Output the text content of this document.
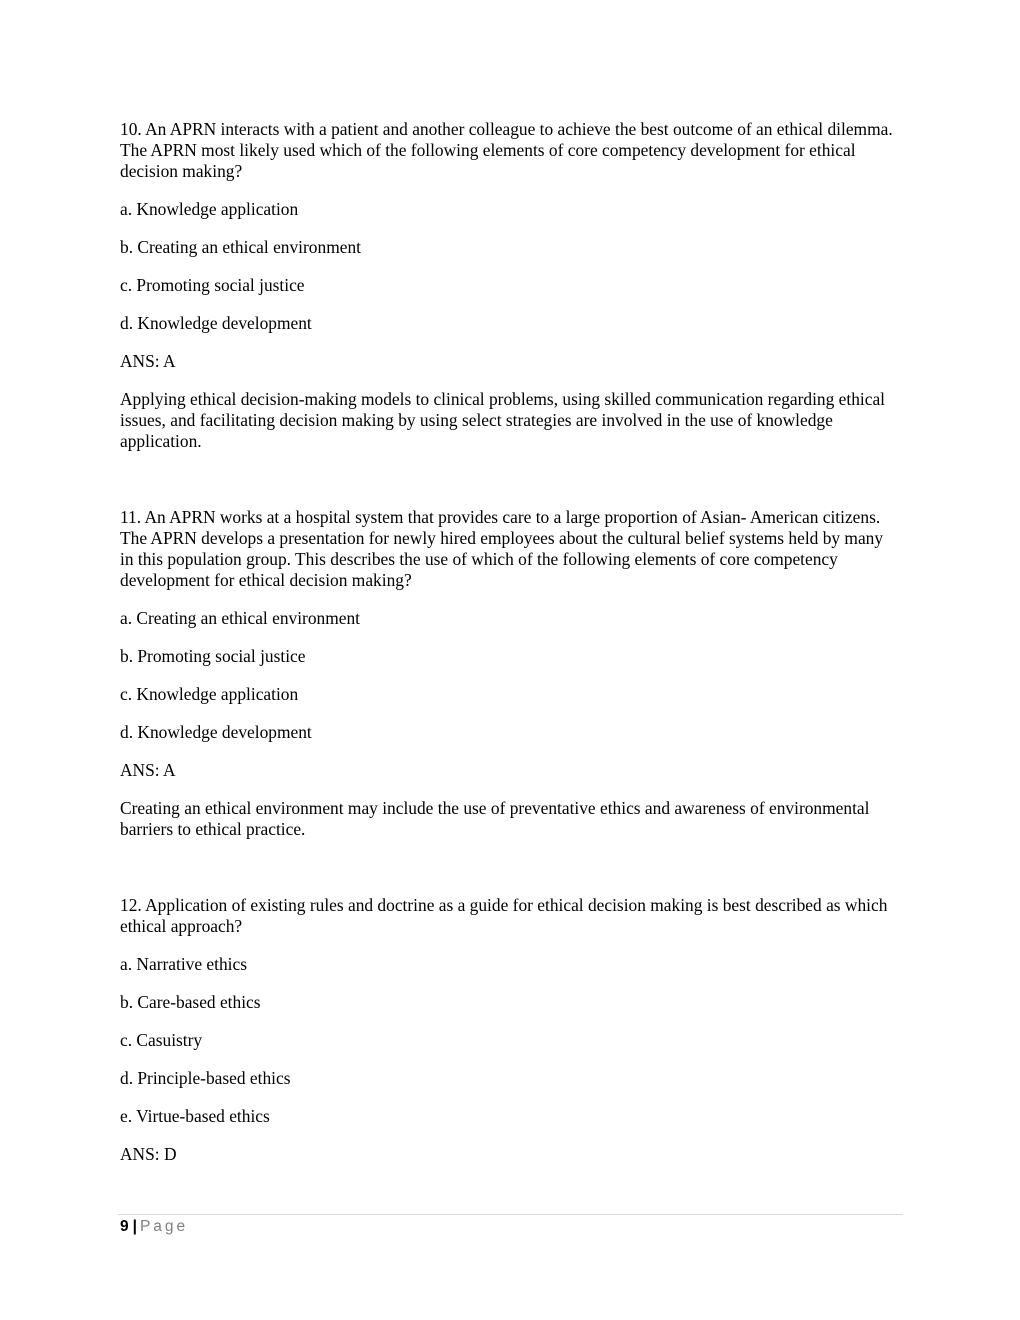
10. An APRN interacts with a patient and another colleague to achieve the best outcome of an ethical dilemma. The APRN most likely used which of the following elements of core competency development for ethical decision making?

a. Knowledge application

b. Creating an ethical environment

c. Promoting social justice

d. Knowledge development

ANS: A

Applying ethical decision-making models to clinical problems, using skilled communication regarding ethical issues, and facilitating decision making by using select strategies are involved in the use of knowledge application.

11. An APRN works at a hospital system that provides care to a large proportion of Asian- American citizens. The APRN develops a presentation for newly hired employees about the cultural belief systems held by many in this population group. This describes the use of which of the following elements of core competency development for ethical decision making?

a. Creating an ethical environment

b. Promoting social justice

c. Knowledge application

d. Knowledge development

ANS: A

Creating an ethical environment may include the use of preventative ethics and awareness of environmental barriers to ethical practice.

12. Application of existing rules and doctrine as a guide for ethical decision making is best described as which ethical approach?

a. Narrative ethics

b. Care-based ethics

c. Casuistry

d. Principle-based ethics

e. Virtue-based ethics

ANS: D

9 | Page
